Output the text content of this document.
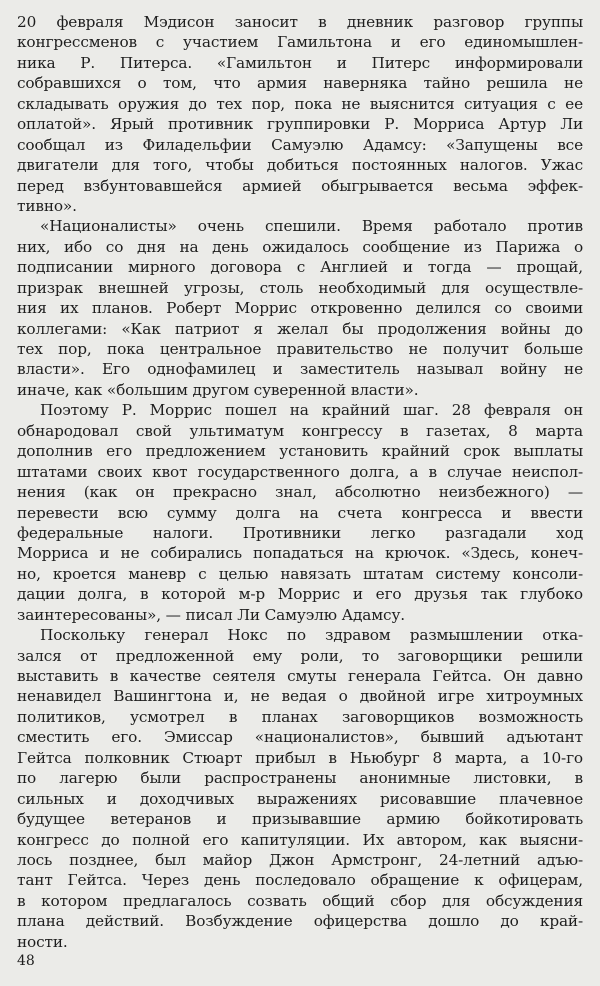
20 февраля Мэдисон заносит в дневник разговор группы
конгрессменов с участием Гамильтона и его единомышлен-
ника Р. Питерса. «Гамильтон и Питерс информировали
собравшихся о том, что армия наверняка тайно решила не
складывать оружия до тех пор, пока не выяснится ситуация с ее
оплатой». Ярый противник группировки Р. Морриса Артур Ли
сообщал из Филадельфии Самуэлю Адамсу: «Запущены все
двигатели для того, чтобы добиться постоянных налогов. Ужас
перед взбунтовавшейся армией обыгрывается весьма эффек-
тивно».
«Националисты» очень спешили. Время работало против
них, ибо со дня на день ожидалось сообщение из Парижа о
подписании мирного договора с Англией и тогда — прощай,
призрак внешней угрозы, столь необходимый для осуществле-
ния их планов. Роберт Моррис откровенно делился со своими
коллегами: «Как патриот я желал бы продолжения войны до
тех пор, пока центральное правительство не получит больше
власти». Его однофамилец и заместитель называл войну не
иначе, как «большим другом суверенной власти».
Поэтому Р. Моррис пошел на крайний шаг. 28 февраля он
обнародовал свой ультиматум конгрессу в газетах, 8 марта
дополнив его предложением установить крайний срок выплаты
штатами своих квот государственного долга, а в случае неиспол-
нения (как он прекрасно знал, абсолютно неизбежного) —
перевести всю сумму долга на счета конгресса и ввести
федеральные налоги. Противники легко разгадали ход
Морриса и не собирались попадаться на крючок. «Здесь, конеч-
но, кроется маневр с целью навязать штатам систему консоли-
дации долга, в которой м-р Моррис и его друзья так глубоко
заинтересованы», — писал Ли Самуэлю Адамсу.
Поскольку генерал Нокс по здравом размышлении отка-
зался от предложенной ему роли, то заговорщики решили
выставить в качестве сеятеля смуты генерала Гейтса. Он давно
ненавидел Вашингтона и, не ведая о двойной игре хитроумных
политиков, усмотрел в планах заговорщиков возможность
сместить его. Эмиссар «националистов», бывший адъютант
Гейтса полковник Стюарт прибыл в Ньюбург 8 марта, а 10-го
по лагерю были распространены анонимные листовки, в
сильных и доходчивых выражениях рисовавшие плачевное
будущее ветеранов и призывавшие армию бойкотировать
конгресс до полной его капитуляции. Их автором, как выясни-
лось позднее, был майор Джон Армстронг, 24-летний адъю-
тант Гейтса. Через день последовало обращение к офицерам,
в котором предлагалось созвать общий сбор для обсуждения
плана действий. Возбуждение офицерства дошло до край-
ности.
48
